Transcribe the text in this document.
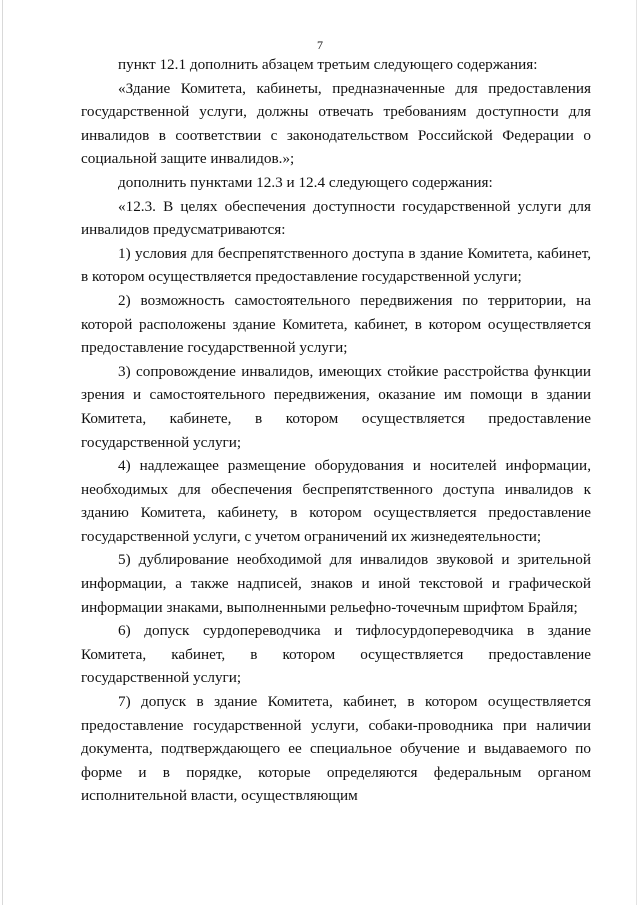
7

пункт 12.1 дополнить абзацем третьим следующего содержания:

«Здание Комитета, кабинеты, предназначенные для предоставления государственной услуги, должны отвечать требованиям доступности для инвалидов в соответствии с законодательством Российской Федерации о социальной защите инвалидов.»;

дополнить пунктами 12.3 и 12.4 следующего содержания:

«12.3. В целях обеспечения доступности государственной услуги для инвалидов предусматриваются:

1) условия для беспрепятственного доступа в здание Комитета, кабинет, в котором осуществляется предоставление государственной услуги;

2) возможность самостоятельного передвижения по территории, на которой расположены здание Комитета, кабинет, в котором осуществляется предоставление государственной услуги;

3) сопровождение инвалидов, имеющих стойкие расстройства функции зрения и самостоятельного передвижения, оказание им помощи в здании Комитета, кабинете, в котором осуществляется предоставление государственной услуги;

4) надлежащее размещение оборудования и носителей информации, необходимых для обеспечения беспрепятственного доступа инвалидов к зданию Комитета, кабинету, в котором осуществляется предоставление государственной услуги, с учетом ограничений их жизнедеятельности;

5) дублирование необходимой для инвалидов звуковой и зрительной информации, а также надписей, знаков и иной текстовой и графической информации знаками, выполненными рельефно-точечным шрифтом Брайля;

6) допуск сурдопереводчика и тифлосурдопереводчика в здание Комитета, кабинет, в котором осуществляется предоставление государственной услуги;

7) допуск в здание Комитета, кабинет, в котором осуществляется предоставление государственной услуги, собаки-проводника при наличии документа, подтверждающего ее специальное обучение и выдаваемого по форме и в порядке, которые определяются федеральным органом исполнительной власти, осуществляющим
